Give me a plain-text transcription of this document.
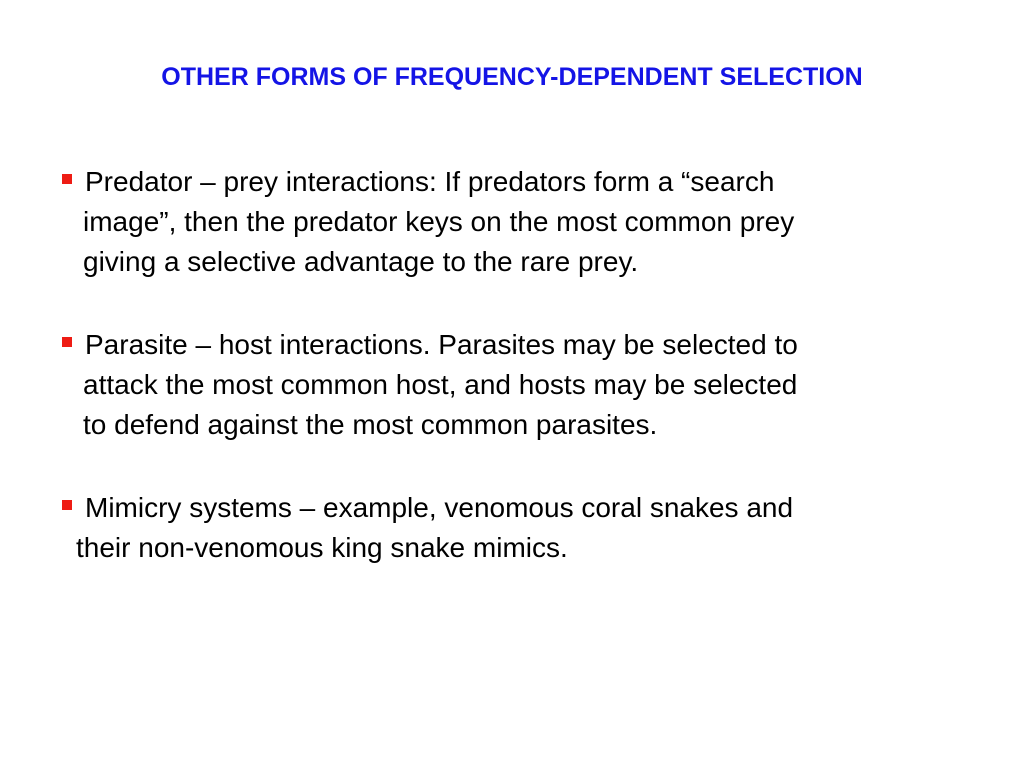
OTHER FORMS OF FREQUENCY-DEPENDENT SELECTION
Predator – prey interactions: If predators form a “search
image”, then the predator keys on the most common prey
giving a selective advantage to the rare prey.
Parasite – host interactions. Parasites may be selected to
attack the most common host, and hosts may be selected
to defend against the most common parasites.
Mimicry systems – example, venomous coral snakes and
their non-venomous king snake mimics.
